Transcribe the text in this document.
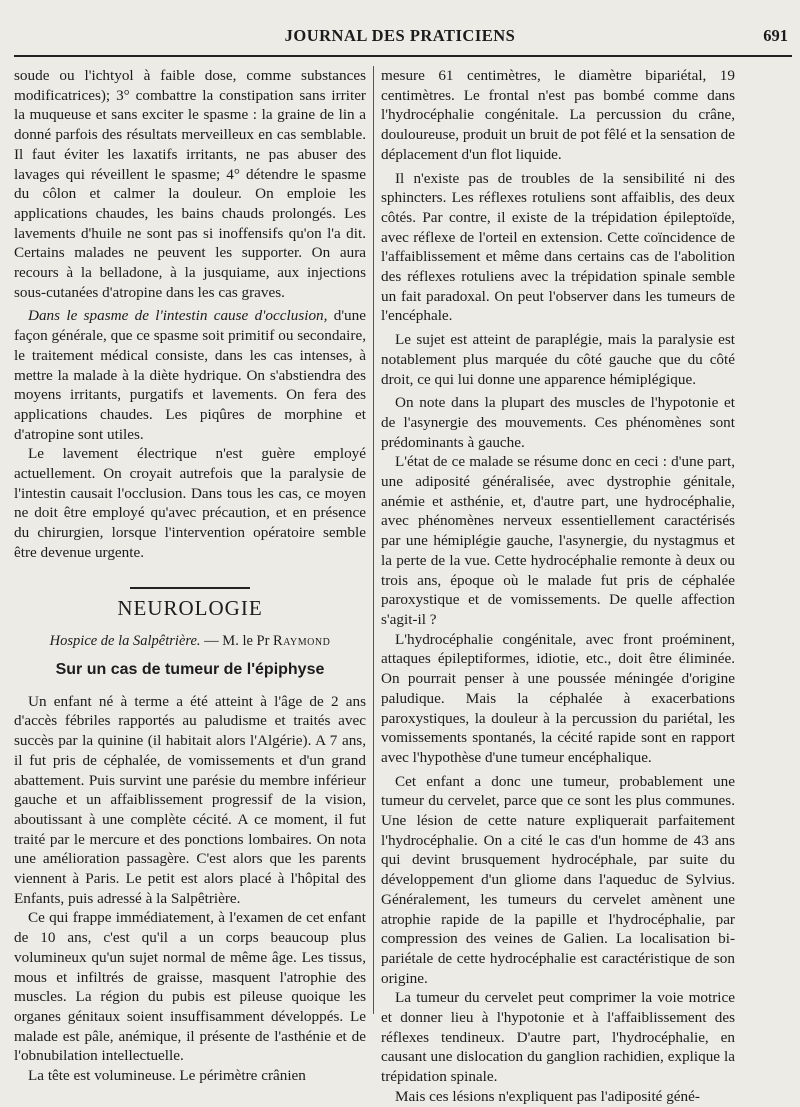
JOURNAL DES PRATICIENS	691

soude ou l'ichtyol à faible dose, comme substances modificatrices); 3° combattre la constipation sans irriter la muqueuse et sans exciter le spasme : la graine de lin a donné parfois des résultats merveilleux en cas semblable. Il faut éviter les laxatifs irritants, ne pas abuser des lavages qui réveillent le spasme; 4° détendre le spasme du côlon et calmer la douleur. On emploie les applications chaudes, les bains chauds prolongés. Les lavements d'huile ne sont pas si inoffensifs qu'on l'a dit. Certains malades ne peuvent les supporter. On aura recours à la belladone, à la jusquiame, aux injections sous-cutanées d'atropine dans les cas graves.

Dans le spasme de l'intestin cause d'occlusion, d'une façon générale, que ce spasme soit primitif ou secondaire, le traitement médical consiste, dans les cas intenses, à mettre la malade à la diète hydrique. On s'abstiendra des moyens irritants, purgatifs et lavements. On fera des applications chaudes. Les piqûres de morphine et d'atropine sont utiles.

Le lavement électrique n'est guère employé actuellement. On croyait autrefois que la paralysie de l'intestin causait l'occlusion. Dans tous les cas, ce moyen ne doit être employé qu'avec précaution, et en présence du chirurgien, lorsque l'intervention opératoire semble être devenue urgente.

NEUROLOGIE
Hospice de la Salpêtrière. — M. le Pr Raymond
Sur un cas de tumeur de l'épiphyse

Un enfant né à terme a été atteint à l'âge de 2 ans d'accès fébriles rapportés au paludisme et traités avec succès par la quinine (il habitait alors l'Algérie). A 7 ans, il fut pris de céphalée, de vomissements et d'un grand abattement. Puis survint une parésie du membre inférieur gauche et un affaiblissement progressif de la vision, aboutissant à une complète cécité. A ce moment, il fut traité par le mercure et des ponctions lombaires. On nota une amélioration passagère. C'est alors que les parents viennent à Paris. Le petit est alors placé à l'hôpital des Enfants, puis adressé à la Salpêtrière.

Ce qui frappe immédiatement, à l'examen de cet enfant de 10 ans, c'est qu'il a un corps beaucoup plus volumineux qu'un sujet normal de même âge. Les tissus, mous et infiltrés de graisse, masquent l'atrophie des muscles. La région du pubis est pileuse quoique les organes génitaux soient insuffisamment développés. Le malade est pâle, anémique, il présente de l'asthénie et de l'obnubilation intellectuelle.

La tête est volumineuse. Le périmètre crânien

mesure 61 centimètres, le diamètre bipariétal, 19 centimètres. Le frontal n'est pas bombé comme dans l'hydrocéphalie congénitale. La percussion du crâne, douloureuse, produit un bruit de pot fêlé et la sensation de déplacement d'un flot liquide.

Il n'existe pas de troubles de la sensibilité ni des sphincters. Les réflexes rotuliens sont affaiblis, des deux côtés. Par contre, il existe de la trépidation épileptoïde, avec réflexe de l'orteil en extension. Cette coïncidence de l'affaiblissement et même dans certains cas de l'abolition des réflexes rotuliens avec la trépidation spinale semble un fait paradoxal. On peut l'observer dans les tumeurs de l'encéphale.

Le sujet est atteint de paraplégie, mais la paralysie est notablement plus marquée du côté gauche que du côté droit, ce qui lui donne une apparence hémiplégique.

On note dans la plupart des muscles de l'hypotonie et de l'asynergie des mouvements. Ces phénomènes sont prédominants à gauche.

L'état de ce malade se résume donc en ceci : d'une part, une adiposité généralisée, avec dystrophie génitale, anémie et asthénie, et, d'autre part, une hydrocéphalie, avec phénomènes nerveux essentiellement caractérisés par une hémiplégie gauche, l'asynergie, du nystagmus et la perte de la vue. Cette hydrocéphalie remonte à deux ou trois ans, époque où le malade fut pris de céphalée paroxystique et de vomissements. De quelle affection s'agit-il ?

L'hydrocéphalie congénitale, avec front proéminent, attaques épileptiformes, idiotie, etc., doit être éliminée. On pourrait penser à une poussée méningée d'origine paludique. Mais la céphalée à exacerbations paroxystiques, la douleur à la percussion du pariétal, les vomissements spontanés, la cécité rapide sont en rapport avec l'hypothèse d'une tumeur encéphalique.

Cet enfant a donc une tumeur, probablement une tumeur du cervelet, parce que ce sont les plus communes. Une lésion de cette nature expliquerait parfaitement l'hydrocéphalie. On a cité le cas d'un homme de 43 ans qui devint brusquement hydrocéphale, par suite du développement d'un gliome dans l'aqueduc de Sylvius. Généralement, les tumeurs du cervelet amènent une atrophie rapide de la papille et l'hydrocéphalie, par compression des veines de Galien. La localisation bi-pariétale de cette hydrocéphalie est caractéristique de son origine.

La tumeur du cervelet peut comprimer la voie motrice et donner lieu à l'hypotonie et à l'affaiblissement des réflexes tendineux. D'autre part, l'hydrocéphalie, en causant une dislocation du ganglion rachidien, explique la trépidation spinale.

Mais ces lésions n'expliquent pas l'adiposité géné-
